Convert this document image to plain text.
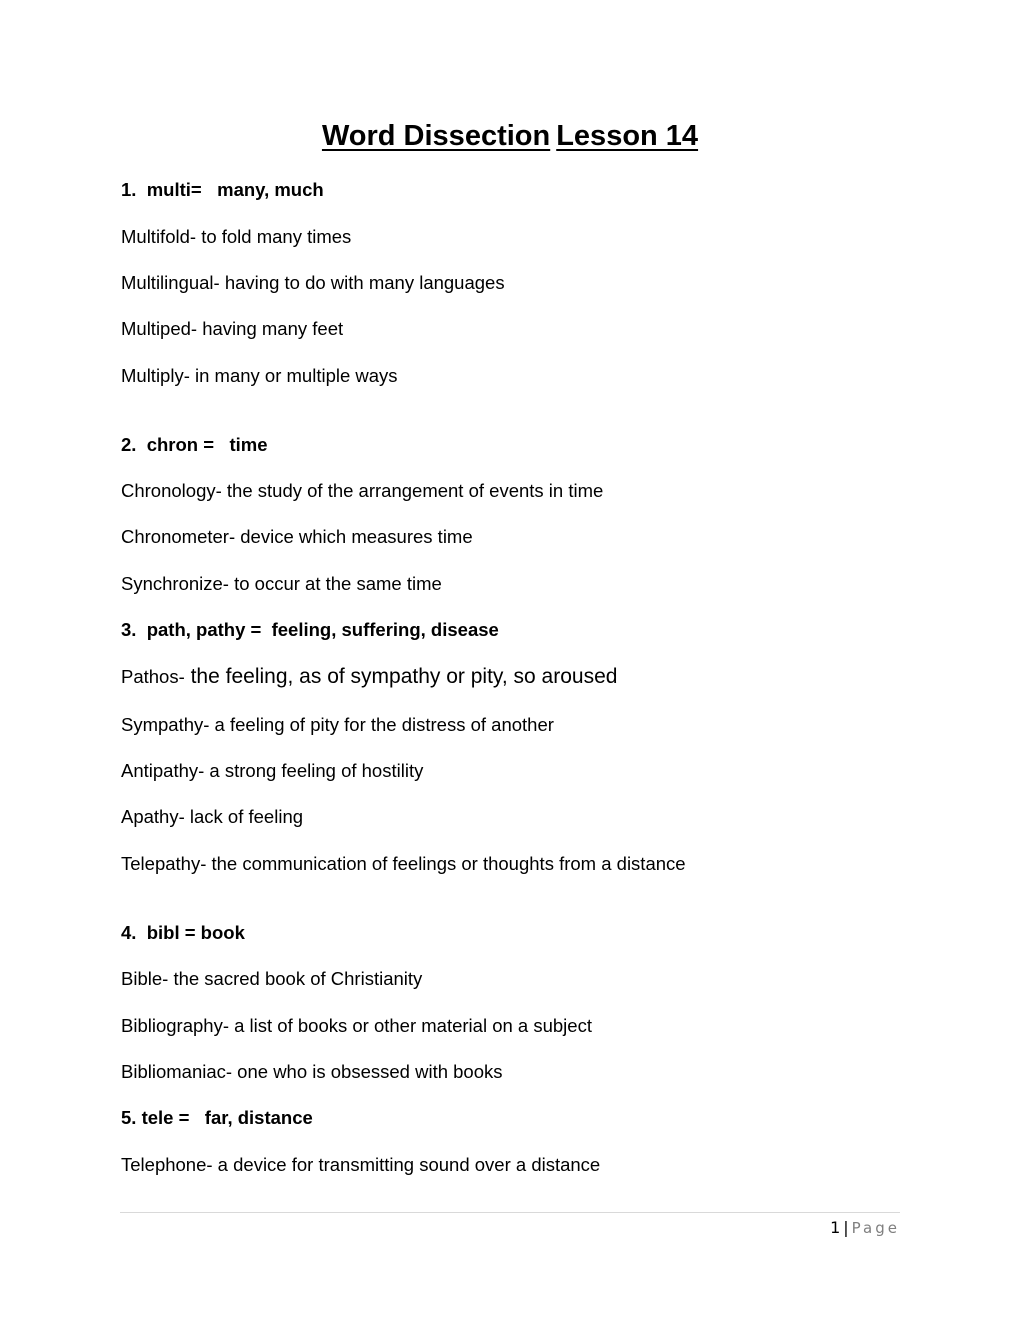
Word Dissection Lesson 14
1.  multi=   many, much
Multifold- to fold many times
Multilingual- having to do with many languages
Multiped- having many feet
Multiply- in many or multiple ways
2.  chron =   time
Chronology- the study of the arrangement of events in time
Chronometer- device which measures time
Synchronize- to occur at the same time
3.  path, pathy =  feeling, suffering, disease
Pathos- the feeling, as of sympathy or pity, so aroused
Sympathy- a feeling of pity for the distress of another
Antipathy- a strong feeling of hostility
Apathy- lack of feeling
Telepathy- the communication of feelings or thoughts from a distance
4.  bibl = book
Bible- the sacred book of Christianity
Bibliography- a list of books or other material on a subject
Bibliomaniac- one who is obsessed with books
5. tele =   far, distance
Telephone- a device for transmitting sound over a distance
1 | Page
